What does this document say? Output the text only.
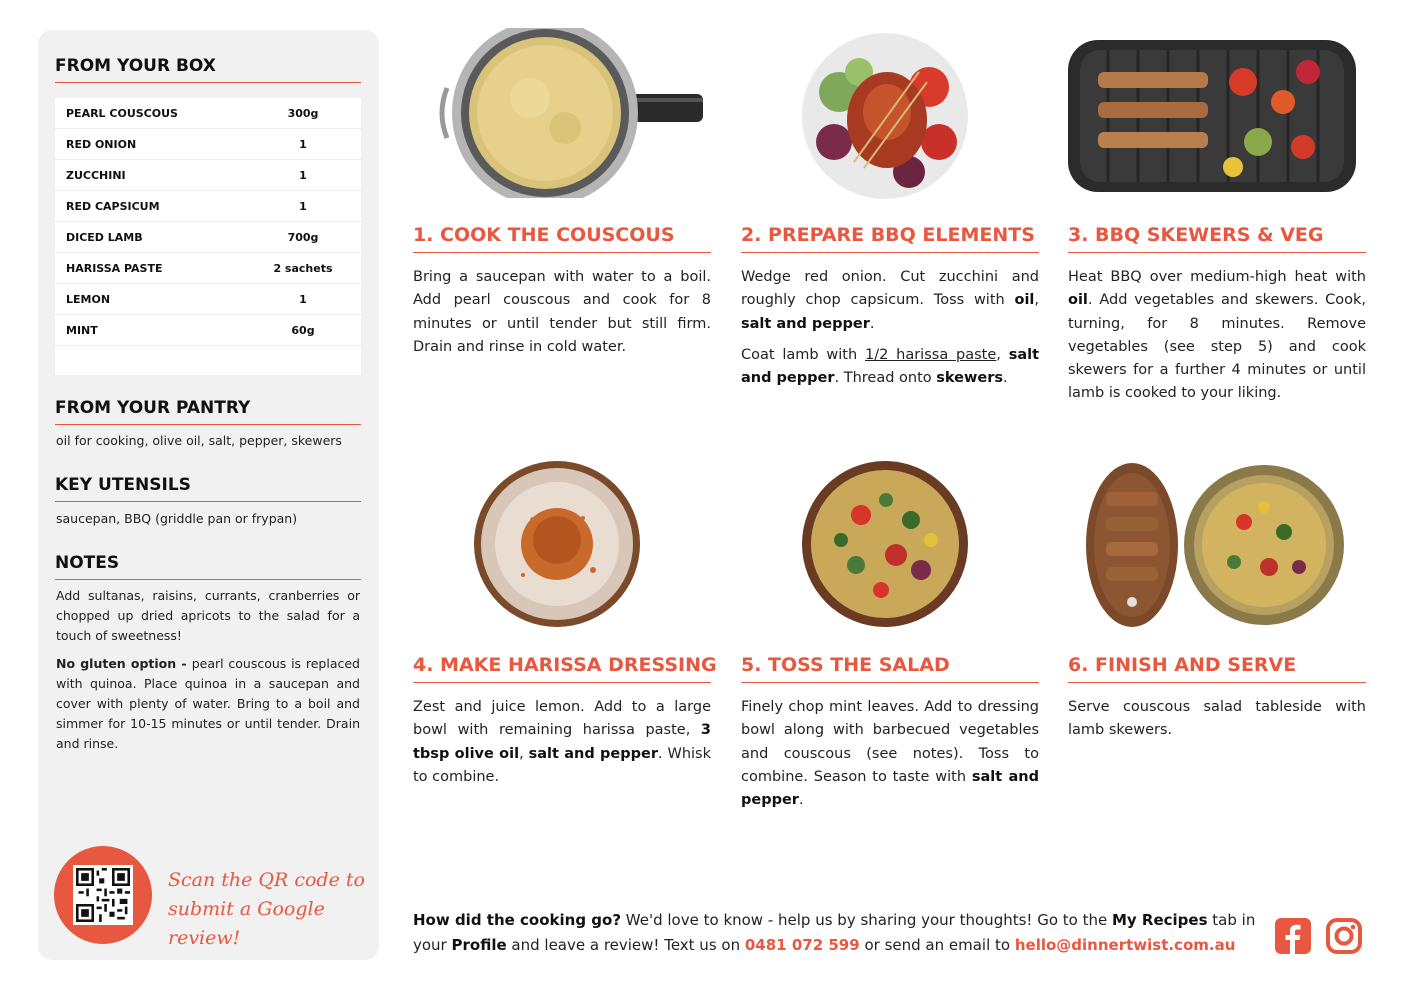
FROM YOUR BOX
PEARL COUSCOUS	300g
RED ONION	1
ZUCCHINI	1
RED CAPSICUM	1
DICED LAMB	700g
HARISSA PASTE	2 sachets
LEMON	1
MINT	60g
FROM YOUR PANTRY
oil for cooking, olive oil, salt, pepper, skewers
KEY UTENSILS
saucepan, BBQ (griddle pan or frypan)
NOTES

Add sultanas, raisins, currants, cranberries or chopped up dried apricots to the salad for a touch of sweetness!

No gluten option - pearl couscous is replaced with quinoa. Place quinoa in a saucepan and cover with plenty of water. Bring to a boil and simmer for 10-15 minutes or until tender. Drain and rinse.

Scan the QR code to submit a Google review!
1. COOK THE COUSCOUS

Bring a saucepan with water to a boil. Add pearl couscous and cook for 8 minutes or until tender but still firm. Drain and rinse in cold water.

2. PREPARE BBQ ELEMENTS

Wedge red onion. Cut zucchini and roughly chop capsicum. Toss with oil, salt and pepper.

Coat lamb with 1/2 harissa paste, salt and pepper. Thread onto skewers.

3. BBQ SKEWERS & VEG

Heat BBQ over medium-high heat with oil. Add vegetables and skewers. Cook, turning, for 8 minutes. Remove vegetables (see step 5) and cook skewers for a further 4 minutes or until lamb is cooked to your liking.

4. MAKE HARISSA DRESSING

Zest and juice lemon. Add to a large bowl with remaining harissa paste, 3 tbsp olive oil, salt and pepper. Whisk to combine.

5. TOSS THE SALAD

Finely chop mint leaves. Add to dressing bowl along with barbecued vegetables and couscous (see notes). Toss to combine. Season to taste with salt and pepper.

6. FINISH AND SERVE

Serve couscous salad tableside with lamb skewers.

How did the cooking go? We'd love to know - help us by sharing your thoughts! Go to the My Recipes tab in your Profile and leave a review! Text us on 0481 072 599 or send an email to hello@dinnertwist.com.au
